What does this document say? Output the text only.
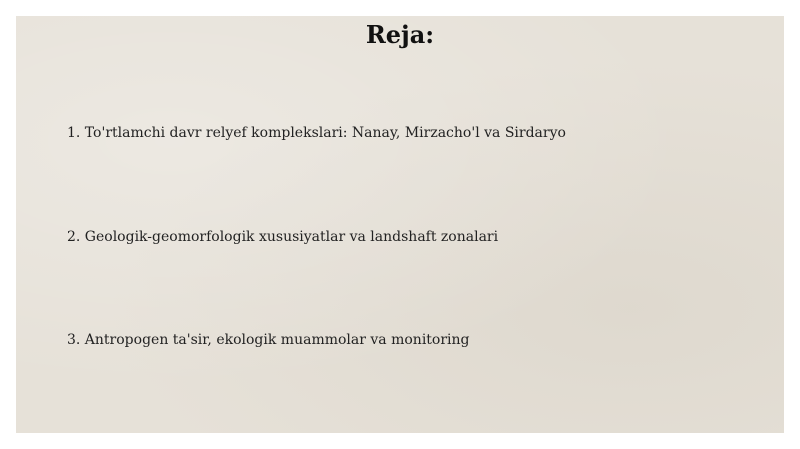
Reja:
1. To'rtlamchi davr relyef komplekslari: Nanay, Mirzacho'l va Sirdaryo
2. Geologik-geomorfologik xususiyatlar va landshaft zonalari
3. Antropogen ta'sir, ekologik muammolar va monitoring
